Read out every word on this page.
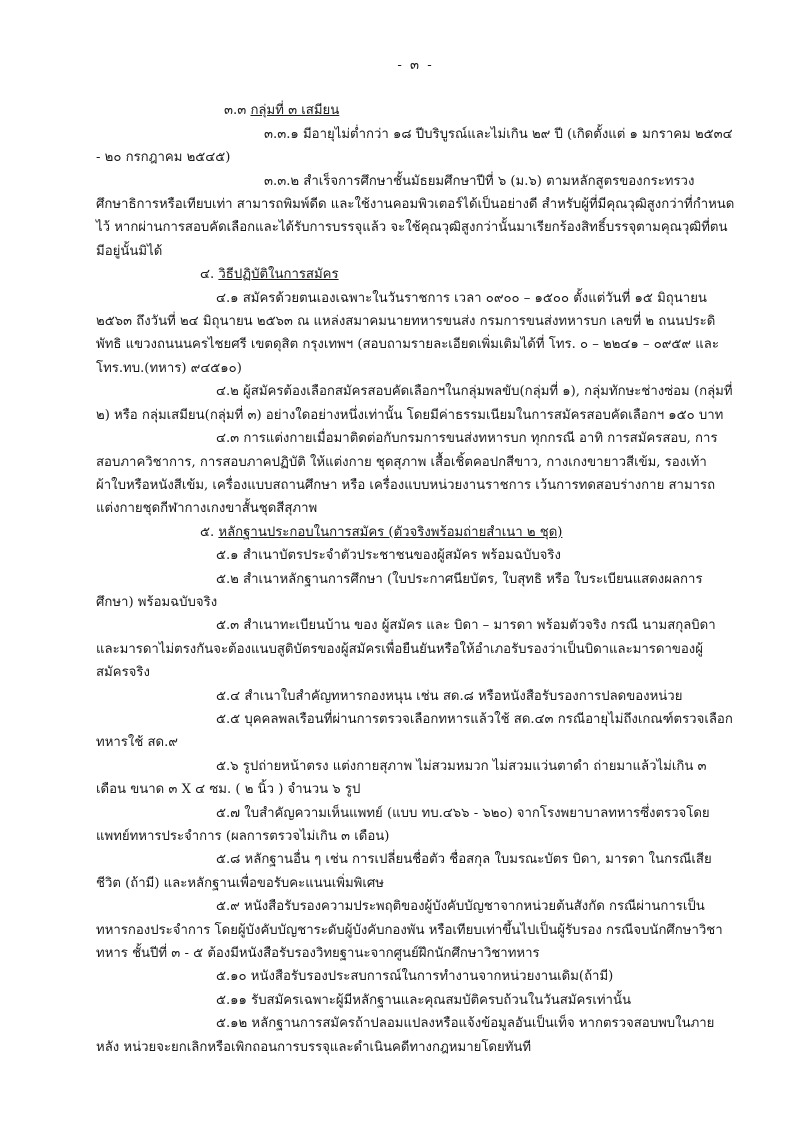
- ๓ -

๓.๓ กลุ่มที่ ๓ เสมียน

๓.๓.๑ มีอายุไม่ต่ำกว่า ๑๘ ปีบริบูรณ์และไม่เกิน ๒๙ ปี (เกิดตั้งแต่ ๑ มกราคม ๒๕๓๔ - ๒๐ กรกฎาคม ๒๕๔๕)

๓.๓.๒ สำเร็จการศึกษาชั้นมัธยมศึกษาปีที่ ๖ (ม.๖) ตามหลักสูตรของกระทรวงศึกษาธิการหรือเทียบเท่า สามารถพิมพ์ดีด และใช้งานคอมพิวเตอร์ได้เป็นอย่างดี สำหรับผู้ที่มีคุณวุฒิสูงกว่าที่กำหนดไว้ หากผ่านการสอบคัดเลือกและได้รับการบรรจุแล้ว จะใช้คุณวุฒิสูงกว่านั้นมาเรียกร้องสิทธิ์บรรจุตามคุณวุฒิที่ตนมีอยู่นั้นมิได้

๔. วิธีปฏิบัติในการสมัคร

๔.๑ สมัครด้วยตนเองเฉพาะในวันราชการ เวลา ๐๙๐๐ – ๑๕๐๐ ตั้งแต่วันที่ ๑๕ มิถุนายน ๒๕๖๓ ถึงวันที่ ๒๔ มิถุนายน ๒๕๖๓ ณ แหล่งสมาคมนายทหารขนส่ง กรมการขนส่งทหารบก เลขที่ ๒ ถนนประดิพัทธิ แขวงถนนนครไชยศรี เขตดุสิต กรุงเทพฯ (สอบถามรายละเอียดเพิ่มเติมได้ที่ โทร. ๐ – ๒๒๔๑ – ๐๙๕๙ และ โทร.ทบ.(ทหาร) ๙๔๕๑๐)

๔.๒ ผู้สมัครต้องเลือกสมัครสอบคัดเลือกฯในกลุ่มพลขับ(กลุ่มที่ ๑), กลุ่มทักษะช่างซ่อม (กลุ่มที่ ๒) หรือ กลุ่มเสมียน(กลุ่มที่ ๓) อย่างใดอย่างหนึ่งเท่านั้น โดยมีค่าธรรมเนียมในการสมัครสอบคัดเลือกฯ ๑๕๐ บาท

๔.๓ การแต่งกายเมื่อมาติดต่อกับกรมการขนส่งทหารบก ทุกกรณี อาทิ การสมัครสอบ, การสอบภาควิชาการ, การสอบภาคปฏิบัติ ให้แต่งกาย ชุดสุภาพ เสื้อเชิ้ตคอปกสีขาว, กางเกงขายาวสีเข้ม, รองเท้าผ้าใบหรือหนังสีเข้ม, เครื่องแบบสถานศึกษา หรือ เครื่องแบบหน่วยงานราชการ เว้นการทดสอบร่างกาย สามารถแต่งกายชุดกีฬากางเกงขาสั้นชุดสีสุภาพ

๕. หลักฐานประกอบในการสมัคร (ตัวจริงพร้อมถ่ายสำเนา ๒ ชุด)

๕.๑ สำเนาบัตรประจำตัวประชาชนของผู้สมัคร พร้อมฉบับจริง

๕.๒ สำเนาหลักฐานการศึกษา (ใบประกาศนียบัตร, ใบสุทธิ หรือ ใบระเบียนแสดงผลการศึกษา) พร้อมฉบับจริง

๕.๓ สำเนาทะเบียนบ้าน ของ ผู้สมัคร และ บิดา – มารดา พร้อมตัวจริง กรณี นามสกุลบิดาและมารดาไม่ตรงกันจะต้องแนบสูติบัตรของผู้สมัครเพื่อยืนยันหรือให้อำเภอรับรองว่าเป็นบิดาและมารดาของผู้สมัครจริง

๕.๔ สำเนาใบสำคัญทหารกองหนุน เช่น สด.๘ หรือหนังสือรับรองการปลดของหน่วย

๕.๕ บุคคลพลเรือนที่ผ่านการตรวจเลือกทหารแล้วใช้ สด.๔๓ กรณีอายุไม่ถึงเกณฑ์ตรวจเลือกทหารใช้ สด.๙

๕.๖ รูปถ่ายหน้าตรง แต่งกายสุภาพ ไม่สวมหมวก ไม่สวมแว่นตาดำ ถ่ายมาแล้วไม่เกิน ๓ เดือน ขนาด ๓ X ๔ ซม. ( ๒ นิ้ว ) จำนวน ๖ รูป

๕.๗ ใบสำคัญความเห็นแพทย์ (แบบ ทบ.๔๖๖ - ๖๒๐) จากโรงพยาบาลทหารซึ่งตรวจโดยแพทย์ทหารประจำการ (ผลการตรวจไม่เกิน ๓ เดือน)

๕.๘ หลักฐานอื่น ๆ เช่น การเปลี่ยนชื่อตัว ชื่อสกุล ใบมรณะบัตร บิดา, มารดา ในกรณีเสียชีวิต (ถ้ามี) และหลักฐานเพื่อขอรับคะแนนเพิ่มพิเศษ

๕.๙ หนังสือรับรองความประพฤติของผู้บังคับบัญชาจากหน่วยต้นสังกัด กรณีผ่านการเป็นทหารกองประจำการ โดยผู้บังคับบัญชาระดับผู้บังคับกองพัน หรือเทียบเท่าขึ้นไปเป็นผู้รับรอง กรณีจบนักศึกษาวิชาทหาร ชั้นปีที่ ๓ - ๕ ต้องมีหนังสือรับรองวิทยฐานะจากศูนย์ฝึกนักศึกษาวิชาทหาร

๕.๑๐ หนังสือรับรองประสบการณ์ในการทำงานจากหน่วยงานเดิม(ถ้ามี)

๕.๑๑ รับสมัครเฉพาะผู้มีหลักฐานและคุณสมบัติครบถ้วนในวันสมัครเท่านั้น

๕.๑๒ หลักฐานการสมัครถ้าปลอมแปลงหรือแจ้งข้อมูลอันเป็นเท็จ หากตรวจสอบพบในภายหลัง หน่วยจะยกเลิกหรือเพิกถอนการบรรจุและดำเนินคดีทางกฎหมายโดยทันที
